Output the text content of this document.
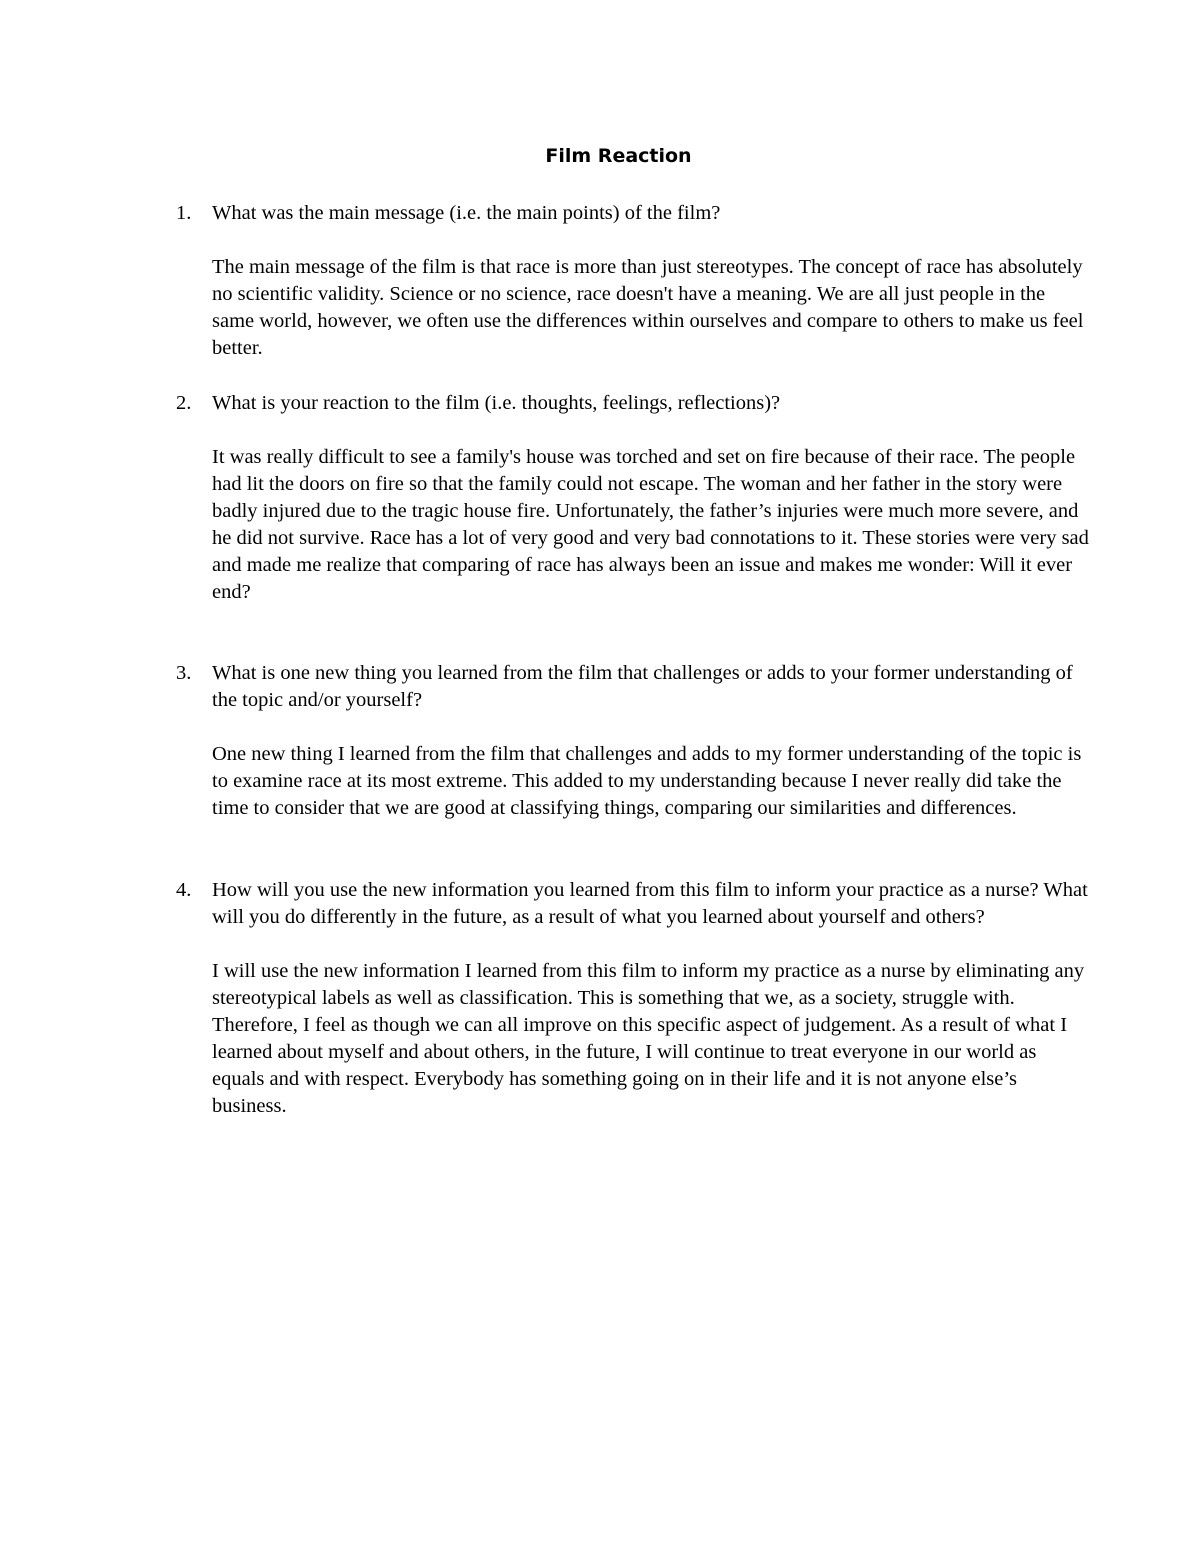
Film Reaction
1. What was the main message (i.e. the main points) of the film?

The main message of the film is that race is more than just stereotypes. The concept of race has absolutely no scientific validity. Science or no science, race doesn't have a meaning. We are all just people in the same world, however, we often use the differences within ourselves and compare to others to make us feel better.

2. What is your reaction to the film (i.e. thoughts, feelings, reflections)?

It was really difficult to see a family's house was torched and set on fire because of their race. The people had lit the doors on fire so that the family could not escape. The woman and her father in the story were badly injured due to the tragic house fire. Unfortunately, the father’s injuries were much more severe, and he did not survive. Race has a lot of very good and very bad connotations to it. These stories were very sad and made me realize that comparing of race has always been an issue and makes me wonder: Will it ever end?

3. What is one new thing you learned from the film that challenges or adds to your former understanding of the topic and/or yourself?

One new thing I learned from the film that challenges and adds to my former understanding of the topic is to examine race at its most extreme. This added to my understanding because I never really did take the time to consider that we are good at classifying things, comparing our similarities and differences.

4. How will you use the new information you learned from this film to inform your practice as a nurse? What will you do differently in the future, as a result of what you learned about yourself and others?

I will use the new information I learned from this film to inform my practice as a nurse by eliminating any stereotypical labels as well as classification. This is something that we, as a society, struggle with. Therefore, I feel as though we can all improve on this specific aspect of judgement. As a result of what I learned about myself and about others, in the future, I will continue to treat everyone in our world as equals and with respect. Everybody has something going on in their life and it is not anyone else’s business.
